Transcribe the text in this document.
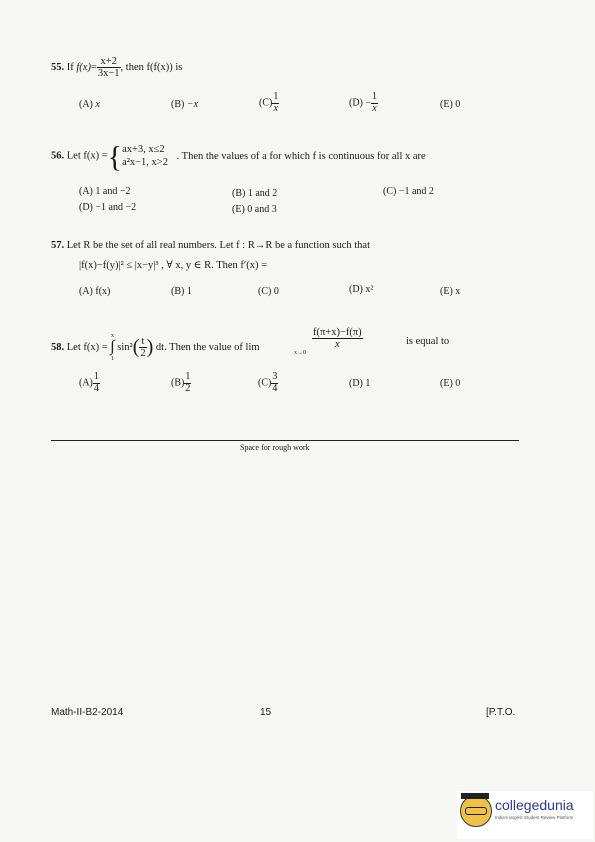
55. If $f(x)= \frac{x+2}{3x-1}$ , then f(f(x)) is
(A) x	(B) −x	$(C) \frac{1}{x}$	$(D) - \frac{1}{x}$	(E) 0
56. Let f(x) ={ ax+3, x≤2
a²x−1, x>2
. Then the values of a for which f is continuous for all x are
(A) 1 and −2	(B) 1 and 2	(C) −1 and 2
(D) −1 and −2	(E) 0 and 3
57. Let R be the set of all real numbers. Let f : R→R be a function such that
|f(x)−f(y)|² ≤ |x−y|³ , ∀ x, y ∈ R. Then f′(x) =
(A) f(x)	(B) 1	(C) 0	(D) x²	(E) x
58. Let f(x) =
x
∫
1
$\sin^2( \frac{t}{2}$ ) dt. Then the value of lim	x→0
$\frac{f(\pi+x)-f(\pi)}{x}$	is equal to
$(A) \frac{1}{4}$	$(B) \frac{1}{2}$	$(C) \frac{3}{4}$	(D) 1	(E) 0
Space for rough work
Math-II-B2-2014	15	[P.T.O.
collegedunia
India's largest Student Review Platform
